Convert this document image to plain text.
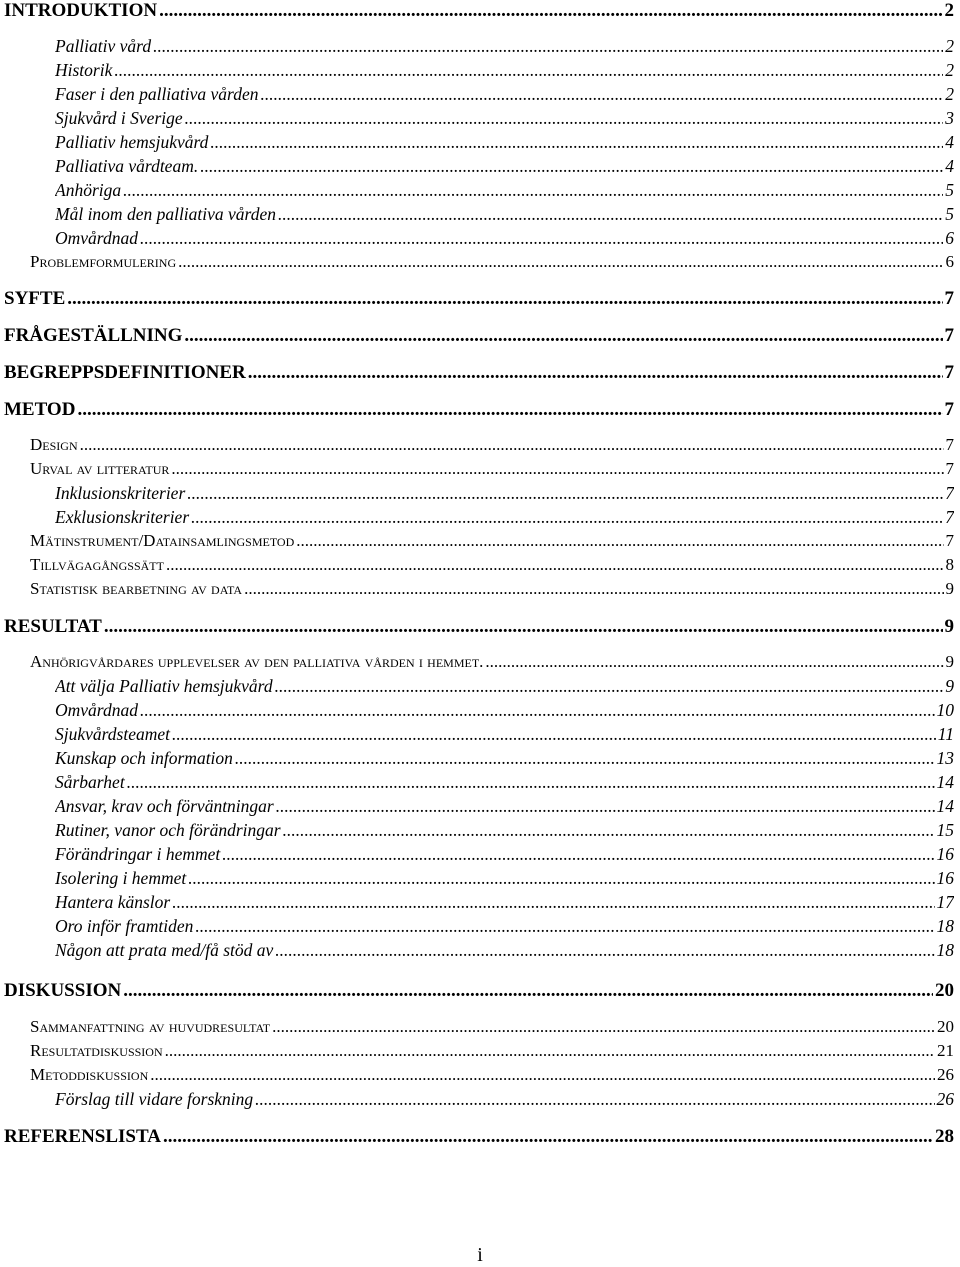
INTRODUKTION .....	2
Palliativ vård .....	2
Historik .....	2
Faser i den palliativa vården .....	2
Sjukvård i Sverige .....	3
Palliativ hemsjukvård .....	4
Palliativa vårdteam. .....	4
Anhöriga .....	5
Mål inom den palliativa vården .....	5
Omvårdnad .....	6
Problemformulering .....	6
SYFTE .....	7
FRÅGESTÄLLNING .....	7
BEGREPPSDEFINITIONER .....	7
METOD .....	7
Design .....	7
Urval av litteratur .....	7
Inklusionskriterier .....	7
Exklusionskriterier .....	7
Mätinstrument/Datainsamlingsmetod .....	7
Tillvägagångssätt .....	8
Statistisk bearbetning av data .....	9
RESULTAT .....	9
Anhörigvårdares upplevelser av den palliativa vården i hemmet. .....	9
Att välja Palliativ hemsjukvård .....	9
Omvårdnad .....	10
Sjukvårdsteamet .....	11
Kunskap och information .....	13
Sårbarhet .....	14
Ansvar, krav och förväntningar .....	14
Rutiner, vanor och förändringar .....	15
Förändringar i hemmet .....	16
Isolering i hemmet .....	16
Hantera känslor .....	17
Oro inför framtiden .....	18
Någon att prata med/få stöd av .....	18
DISKUSSION .....	20
Sammanfattning av huvudresultat .....	20
Resultatdiskussion .....	21
Metoddiskussion .....	26
Förslag till vidare forskning .....	26
REFERENSLISTA .....	28
i
